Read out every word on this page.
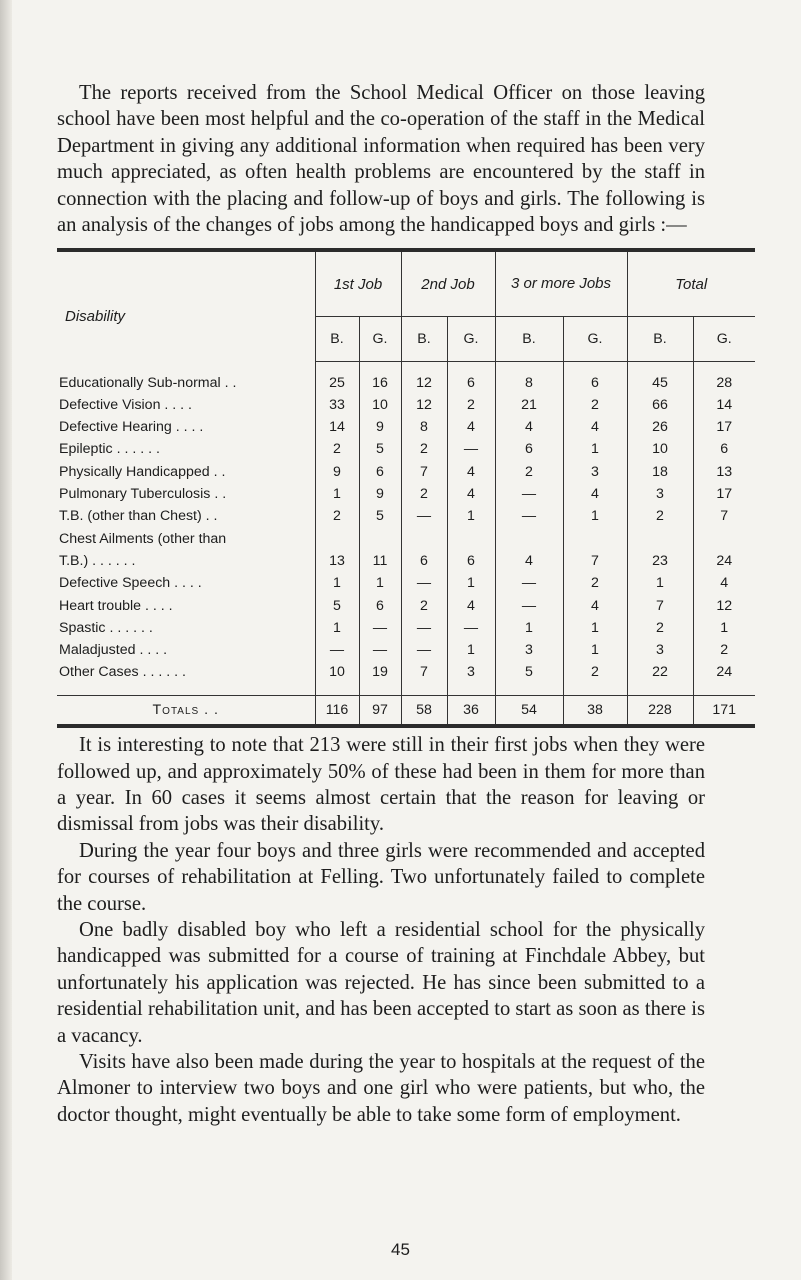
The reports received from the School Medical Officer on those leaving school have been most helpful and the co-operation of the staff in the Medical Department in giving any additional information when required has been very much appreciated, as often health problems are encountered by the staff in connection with the placing and follow-up of boys and girls. The following is an analysis of the changes of jobs among the handicapped boys and girls :—

Disability	1st Job		2nd Job		3 or more Jobs		Total	
	B.	G.	B.	G.	B.	G.	B.	G.

Educationally Sub-normal . .	25	16	12	6	8	6	45	28
Defective Vision . . . .	33	10	12	2	21	2	66	14
Defective Hearing . . . .	14	9	8	4	4	4	26	17
Epileptic . . . . . .	2	5	2	—	6	1	10	6
Physically Handicapped . .	9	6	7	4	2	3	18	13
Pulmonary Tuberculosis . .	1	9	2	4	—	4	3	17
T.B. (other than Chest) . .	2	5	—	1	—	1	2	7
Chest Ailments (other than								
T.B.) . . . . . .	13	11	6	6	4	7	23	24
Defective Speech . . . .	1	1	—	1	—	2	1	4
Heart trouble . . . .	5	6	2	4	—	4	7	12
Spastic . . . . . .	1	—	—	—	1	1	2	1
Maladjusted . . . .	—	—	—	1	3	1	3	2
Other Cases . . . . . .	10	19	7	3	5	2	22	24

Totals . .	116	97	58	36	54	38	228	171

It is interesting to note that 213 were still in their first jobs when they were followed up, and approximately 50% of these had been in them for more than a year. In 60 cases it seems almost certain that the reason for leaving or dismissal from jobs was their disability.

During the year four boys and three girls were recommended and accepted for courses of rehabilitation at Felling. Two unfortunately failed to complete the course.

One badly disabled boy who left a residential school for the physically handicapped was submitted for a course of training at Finchdale Abbey, but unfortunately his application was rejected. He has since been submitted to a residential rehabilitation unit, and has been accepted to start as soon as there is a vacancy.

Visits have also been made during the year to hospitals at the request of the Almoner to interview two boys and one girl who were patients, but who, the doctor thought, might eventually be able to take some form of employment.

45
